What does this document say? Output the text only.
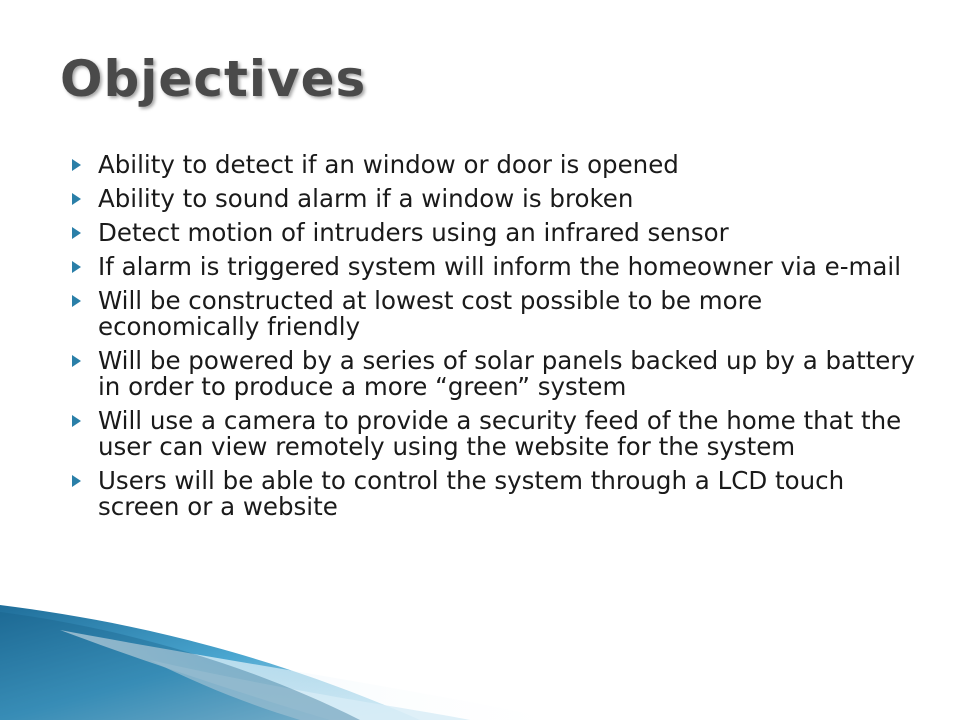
Objectives
Ability to detect if an window or door is opened
Ability to sound alarm if a window is broken
Detect motion of intruders using an infrared sensor
If alarm is triggered system will inform the homeowner via e-mail
Will be constructed at lowest cost possible to be more economically friendly
Will be powered by a series of solar panels backed up by a battery in order to produce a more “green” system
Will use a camera to provide a security feed of the home that the user can view remotely using the website for the system
Users will be able to control the system through a LCD touch screen or a website
